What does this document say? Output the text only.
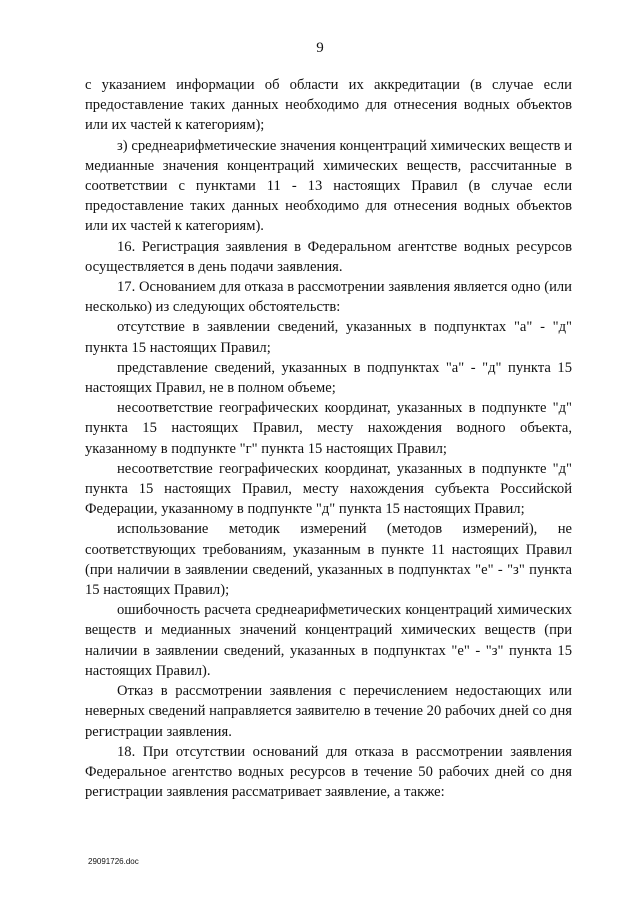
9

с указанием информации об области их аккредитации (в случае если предоставление таких данных необходимо для отнесения водных объектов или их частей к категориям);

з) среднеарифметические значения концентраций химических веществ и медианные значения концентраций химических веществ, рассчитанные в соответствии с пунктами 11 - 13 настоящих Правил (в случае если предоставление таких данных необходимо для отнесения водных объектов или их частей к категориям).

16. Регистрация заявления в Федеральном агентстве водных ресурсов осуществляется в день подачи заявления.

17. Основанием для отказа в рассмотрении заявления является одно (или несколько) из следующих обстоятельств:

отсутствие в заявлении сведений, указанных в подпунктах "а" - "д" пункта 15 настоящих Правил;

представление сведений, указанных в подпунктах "а" - "д" пункта 15 настоящих Правил, не в полном объеме;

несоответствие географических координат, указанных в подпункте "д" пункта 15 настоящих Правил, месту нахождения водного объекта, указанному в подпункте "г" пункта 15 настоящих Правил;

несоответствие географических координат, указанных в подпункте "д" пункта 15 настоящих Правил, месту нахождения субъекта Российской Федерации, указанному в подпункте "д" пункта 15 настоящих Правил;

использование методик измерений (методов измерений), не соответствующих требованиям, указанным в пункте 11 настоящих Правил (при наличии в заявлении сведений, указанных в подпунктах "е" - "з" пункта 15 настоящих Правил);

ошибочность расчета среднеарифметических концентраций химических веществ и медианных значений концентраций химических веществ (при наличии в заявлении сведений, указанных в подпунктах "е" - "з" пункта 15 настоящих Правил).

Отказ в рассмотрении заявления с перечислением недостающих или неверных сведений направляется заявителю в течение 20 рабочих дней со дня регистрации заявления.

18. При отсутствии оснований для отказа в рассмотрении заявления Федеральное агентство водных ресурсов в течение 50 рабочих дней со дня регистрации заявления рассматривает заявление, а также:

29091726.doc
